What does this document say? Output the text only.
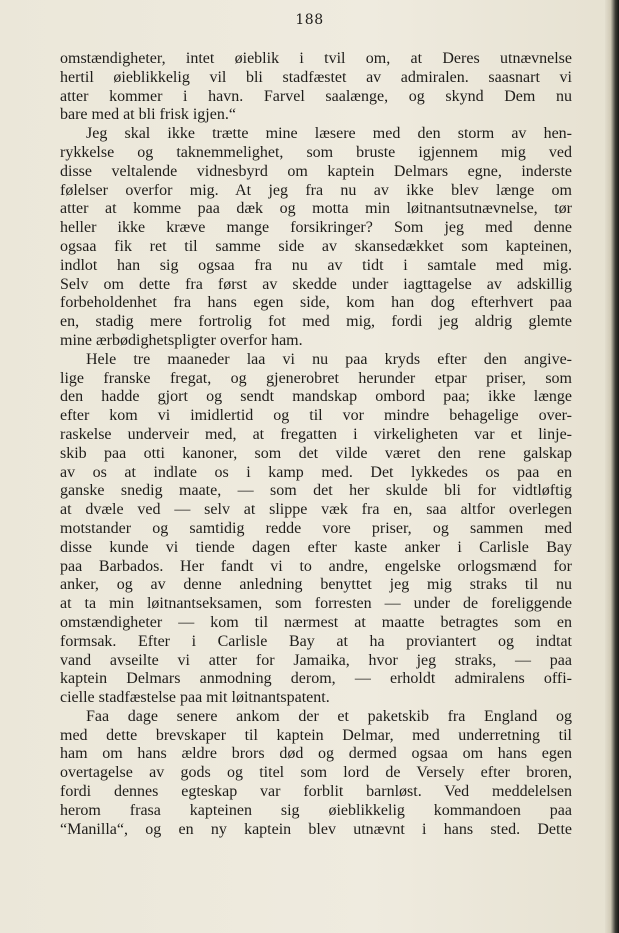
188
omstændigheter, intet øieblik i tvil om, at Deres utnævnelse
hertil øieblikkelig vil bli stadfæstet av admiralen. saasnart vi
atter kommer i havn. Farvel saalænge, og skynd Dem nu
bare med at bli frisk igjen.“
Jeg skal ikke trætte mine læsere med den storm av hen-
rykkelse og taknemmelighet, som bruste igjennem mig ved
disse veltalende vidnesbyrd om kaptein Delmars egne, inderste
følelser overfor mig. At jeg fra nu av ikke blev længe om
atter at komme paa dæk og motta min løitnantsutnævnelse, tør
heller ikke kræve mange forsikringer? Som jeg med denne
ogsaa fik ret til samme side av skansedækket som kapteinen,
indlot han sig ogsaa fra nu av tidt i samtale med mig.
Selv om dette fra først av skedde under iagttagelse av adskillig
forbeholdenhet fra hans egen side, kom han dog efterhvert paa
en, stadig mere fortrolig fot med mig, fordi jeg aldrig glemte
mine ærbødighetspligter overfor ham.
Hele tre maaneder laa vi nu paa kryds efter den angive-
lige franske fregat, og gjenerobret herunder etpar priser, som
den hadde gjort og sendt mandskap ombord paa; ikke længe
efter kom vi imidlertid og til vor mindre behagelige over-
raskelse underveir med, at fregatten i virkeligheten var et linje-
skib paa otti kanoner, som det vilde været den rene galskap
av os at indlate os i kamp med. Det lykkedes os paa en
ganske snedig maate, — som det her skulde bli for vidtløftig
at dvæle ved — selv at slippe væk fra en, saa altfor overlegen
motstander og samtidig redde vore priser, og sammen med
disse kunde vi tiende dagen efter kaste anker i Carlisle Bay
paa Barbados. Her fandt vi to andre, engelske orlogsmænd for
anker, og av denne anledning benyttet jeg mig straks til nu
at ta min løitnantseksamen, som forresten — under de foreliggende
omstændigheter — kom til nærmest at maatte betragtes som en
formsak. Efter i Carlisle Bay at ha proviantert og indtat
vand avseilte vi atter for Jamaika, hvor jeg straks, — paa
kaptein Delmars anmodning derom, — erholdt admiralens offi-
cielle stadfæstelse paa mit løitnantspatent.
Faa dage senere ankom der et paketskib fra England og
med dette brevskaper til kaptein Delmar, med underretning til
ham om hans ældre brors død og dermed ogsaa om hans egen
overtagelse av gods og titel som lord de Versely efter broren,
fordi dennes egteskap var forblit barnløst. Ved meddelelsen
herom frasa kapteinen sig øieblikkelig kommandoen paa
“Manilla“, og en ny kaptein blev utnævnt i hans sted. Dette
